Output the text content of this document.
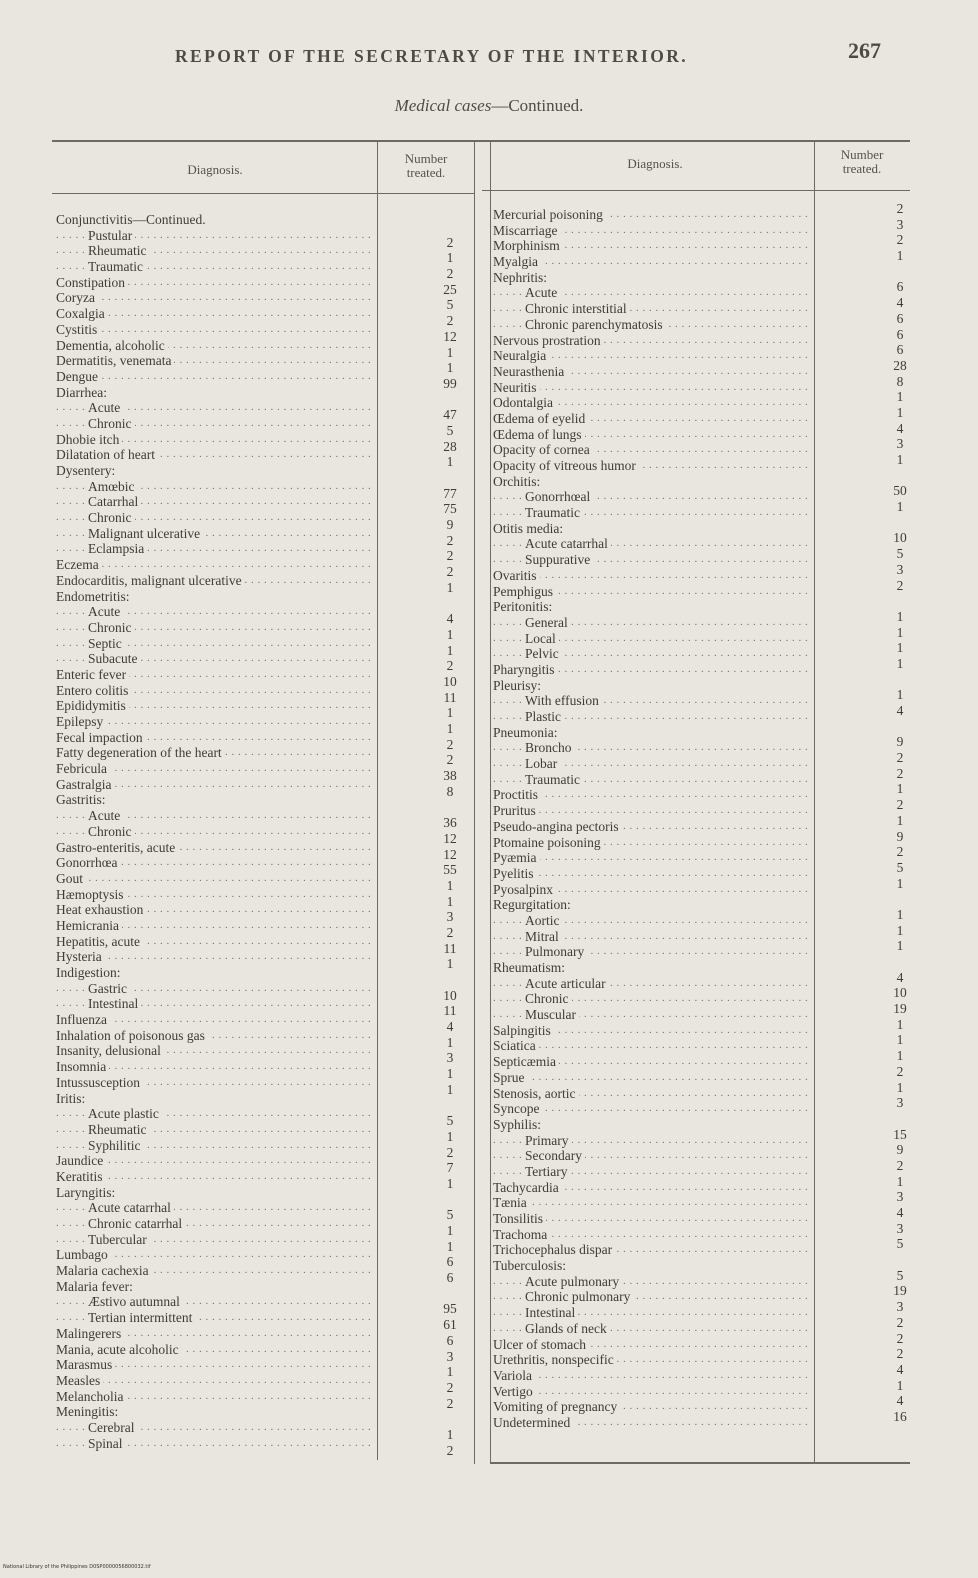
REPORT OF THE SECRETARY OF THE INTERIOR.	267
Medical cases—Continued.
Diagnosis.
Number
treated.
Diagnosis.
Number
treated.
Conjunctivitis—Continued.
Pustular . . .
Rheumatic . . .
Traumatic . . .
Constipation . . .
Coryza . . .
Coxalgia . . .
Cystitis . . .
Dementia, alcoholic . . .
Dermatitis, venemata . . .
Dengue . . .
Diarrhea:
Acute . . .
Chronic . . .
Dhobie itch . . .
Dilatation of heart . . .
Dysentery:
Amœbic . . .
Catarrhal . . .
Chronic . . .
Malignant ulcerative . . .
Eclampsia . . .
Eczema . . .
Endocarditis, malignant ulcerative . . .
Endometritis:
Acute . . .
Chronic . . .
Septic . . .
Subacute . . .
Enteric fever . . .
Entero colitis . . .
Epididymitis . . .
Epilepsy . . .
Fecal impaction . . .
Fatty degeneration of the heart . . .
Febricula . . .
Gastralgia . . .
Gastritis:
Acute . . .
Chronic . . .
Gastro-enteritis, acute . . .
Gonorrhœa . . .
Gout . . .
Hæmoptysis . . .
Heat exhaustion . . .
Hemicrania . . .
Hepatitis, acute . . .
Hysteria . . .
Indigestion:
Gastric . . .
Intestinal . . .
Influenza . . .
Inhalation of poisonous gas . . .
Insanity, delusional . . .
Insomnia . . .
Intussusception . . .
Iritis:
Acute plastic . . .
Rheumatic . . .
Syphilitic . . .
Jaundice . . .
Keratitis . . .
Laryngitis:
Acute catarrhal . . .
Chronic catarrhal . . .
Tubercular . . .
Lumbago . . .
Malaria cachexia . . .
Malaria fever:
Æstivo autumnal . . .
Tertian intermittent . . .
Malingerers . . .
Mania, acute alcoholic . . .
Marasmus . . .
Measles . . .
Melancholia . . .
Meningitis:
Cerebral . . .
Spinal . . .
2
1
2
25
5
2
12
1
1
99
47
5
28
1
77
75
9
2
2
2
1
4
1
1
2
10
11
1
1
2
2
38
8
36
12
12
55
1
1
3
2
11
1
10
11
4
1
3
1
1
5
1
2
7
1
5
1
1
6
6
95
61
6
3
1
2
2
1
2
Mercurial poisoning . . .
Miscarriage . . .
Morphinism . . .
Myalgia . . .
Nephritis:
Acute . . .
Chronic interstitial . . .
Chronic parenchymatosis . . .
Nervous prostration . . .
Neuralgia . . .
Neurasthenia . . .
Neuritis . . .
Odontalgia . . .
Œdema of eyelid . . .
Œdema of lungs . . .
Opacity of cornea . . .
Opacity of vitreous humor . . .
Orchitis:
Gonorrhœal . . .
Traumatic . . .
Otitis media:
Acute catarrhal . . .
Suppurative . . .
Ovaritis . . .
Pemphigus . . .
Peritonitis:
General . . .
Local . . .
Pelvic . . .
Pharyngitis . . .
Pleurisy:
With effusion . . .
Plastic . . .
Pneumonia:
Broncho . . .
Lobar . . .
Traumatic . . .
Proctitis . . .
Pruritus . . .
Pseudo-angina pectoris . . .
Ptomaine poisoning . . .
Pyæmia . . .
Pyelitis . . .
Pyosalpinx . . .
Regurgitation:
Aortic . . .
Mitral . . .
Pulmonary . . .
Rheumatism:
Acute articular . . .
Chronic . . .
Muscular . . .
Salpingitis . . .
Sciatica . . .
Septicæmia . . .
Sprue . . .
Stenosis, aortic . . .
Syncope . . .
Syphilis:
Primary . . .
Secondary . . .
Tertiary . . .
Tachycardia . . .
Tænia . . .
Tonsilitis . . .
Trachoma . . .
Trichocephalus dispar . . .
Tuberculosis:
Acute pulmonary . . .
Chronic pulmonary . . .
Intestinal . . .
Glands of neck . . .
Ulcer of stomach . . .
Urethritis, nonspecific . . .
Variola . . .
Vertigo . . .
Vomiting of pregnancy . . .
Undetermined . . .
2
3
2
1
6
4
6
6
6
28
8
1
1
4
3
1
50
1
10
5
3
2
1
1
1
1
1
4
9
2
2
1
2
1
9
2
5
1
1
1
1
4
10
19
1
1
1
2
1
3
15
9
2
1
3
4
3
5
5
19
3
2
2
2
4
1
4
16
National Library of the Philippines D0SP0000056800032.tif
